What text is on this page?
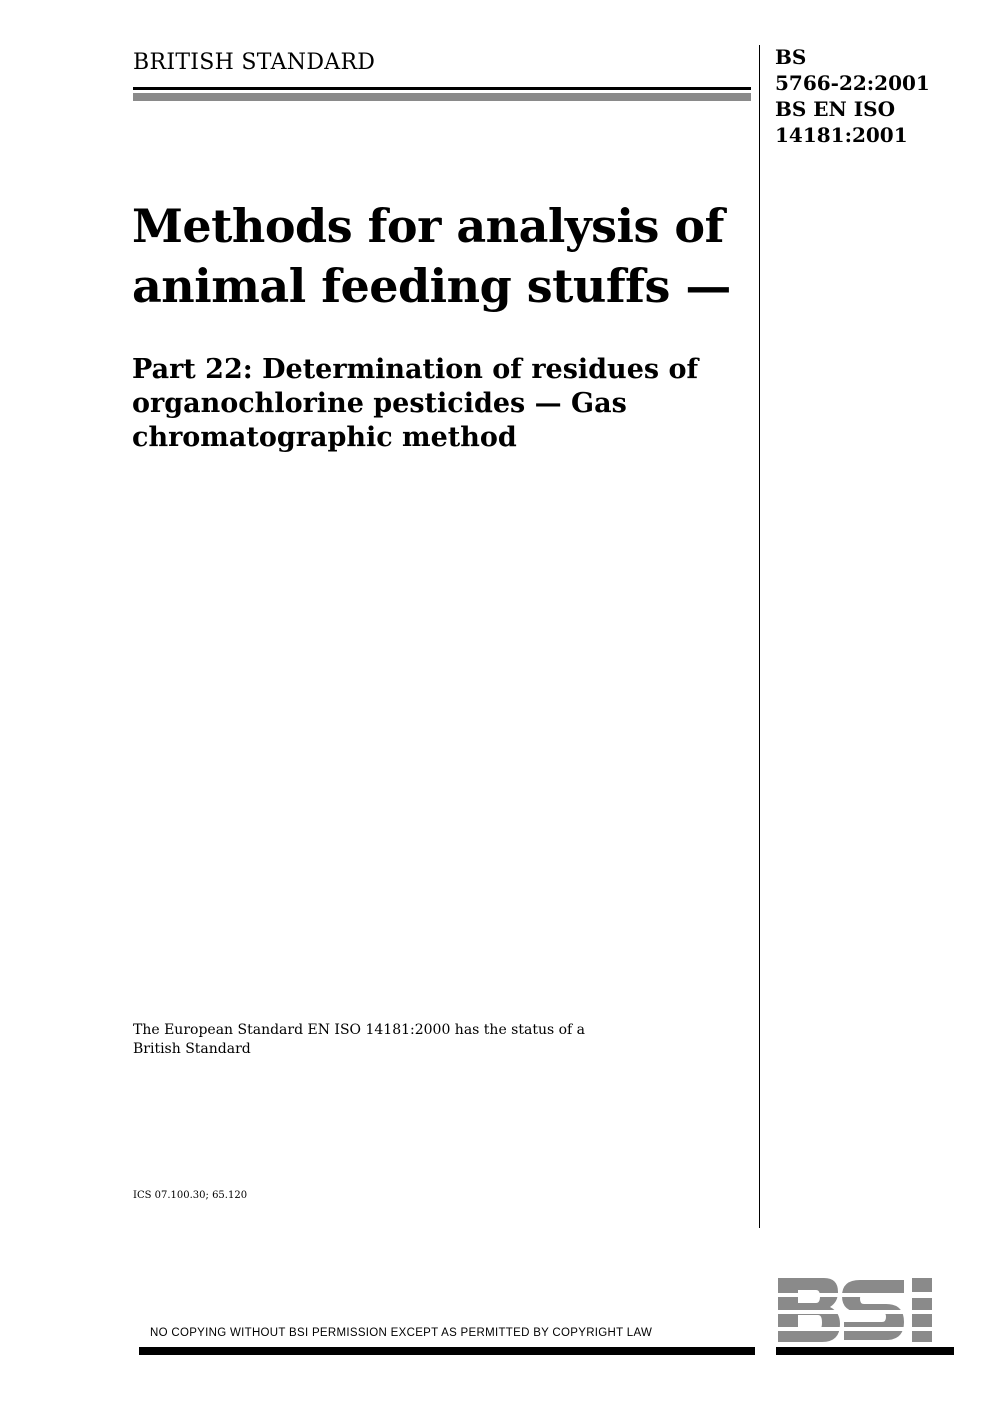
BRITISH STANDARD	BS
5766-22:2001
BS EN ISO
14181:2001
Methods for analysis of
animal feeding stuffs —
Part 22: Determination of residues of
organochlorine pesticides — Gas
chromatographic method
The European Standard EN ISO 14181:2000 has the status of a
British Standard
ICS 07.100.30; 65.120
NO COPYING WITHOUT BSI PERMISSION EXCEPT AS PERMITTED BY COPYRIGHT LAW
